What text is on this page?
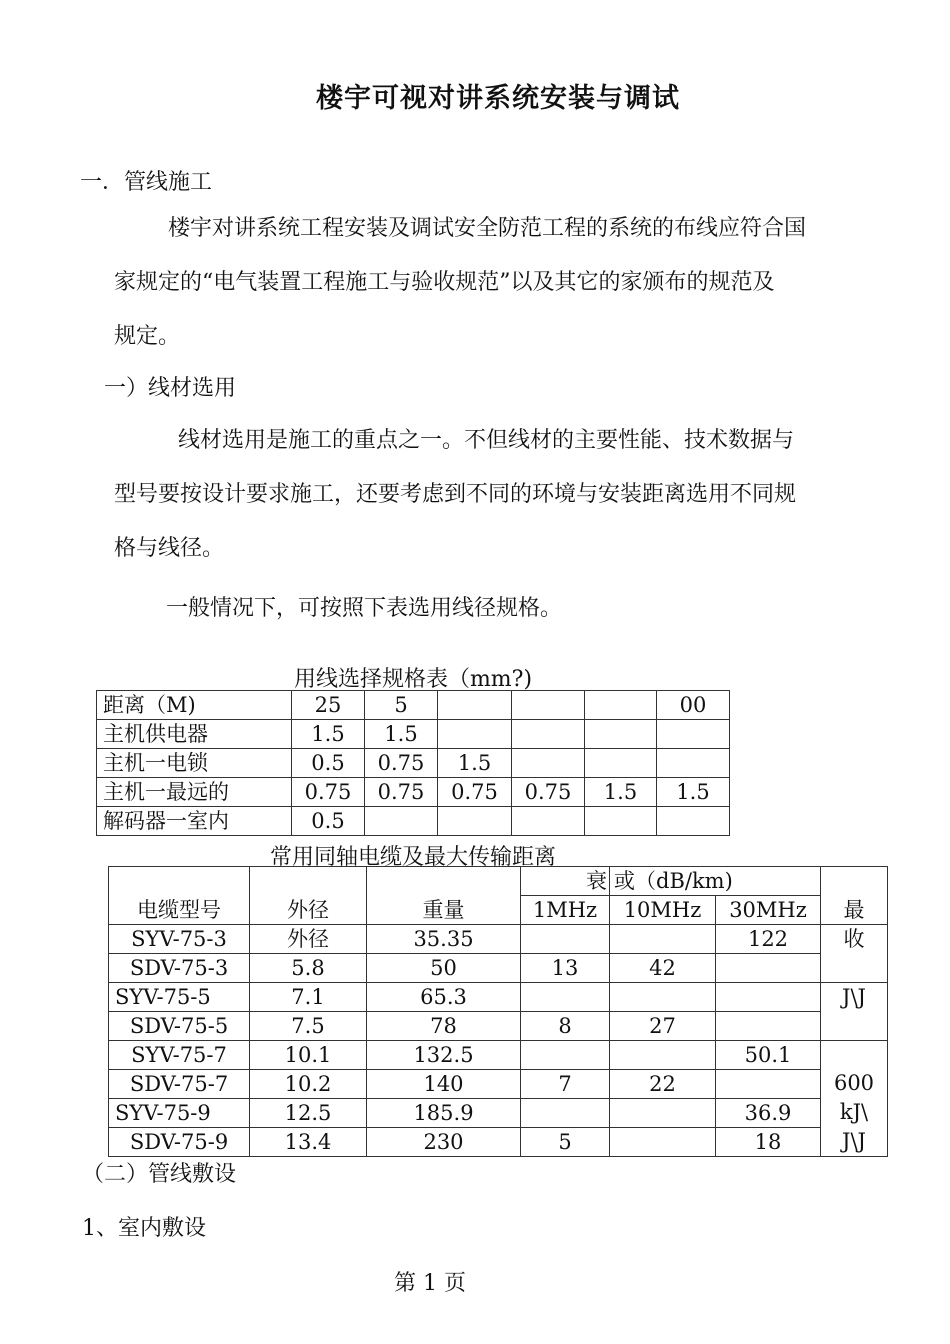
楼宇可视对讲系统安装与调试
一．管线施工
楼宇对讲系统工程安装及调试安全防范工程的系统的布线应符合国
家规定的“电气装置工程施工与验收规范”以及其它的家颁布的规范及
规定。
一）线材选用
线材选用是施工的重点之一。不但线材的主要性能、技术数据与
型号要按设计要求施工，还要考虑到不同的环境与安装距离选用不同规
格与线径。
一般情况下，可按照下表选用线径规格。
用线选择规格表（mm?)
距离（M)	25	5				00
主机供电器	1.5	1.5				
主机一电锁	0.5	0.75	1.5			
主机一最远的	0.75	0.75	0.75	0.75	1.5	1.5
解码器一室内	0.5					
常用同轴电缆及最大传输距离
电缆型号	外径	重量	衰	或（dB/km)		最
			1MHz	10MHz	30MHz	
SYV-75-3	外径	35.35			122	收
SDV-75-3	5.8	50	13	42		
SYV-75-5	7.1	65.3				J\J
SDV-75-5	7.5	78	8	27		
SYV-75-7	10.1	132.5			50.1	600
kJ\
J\J

SDV-75-7	10.2	140	7	22		
SYV-75-9	12.5	185.9			36.9	
SDV-75-9	13.4	230	5		18	
（二）管线敷设
1、室内敷设
第 1 页
